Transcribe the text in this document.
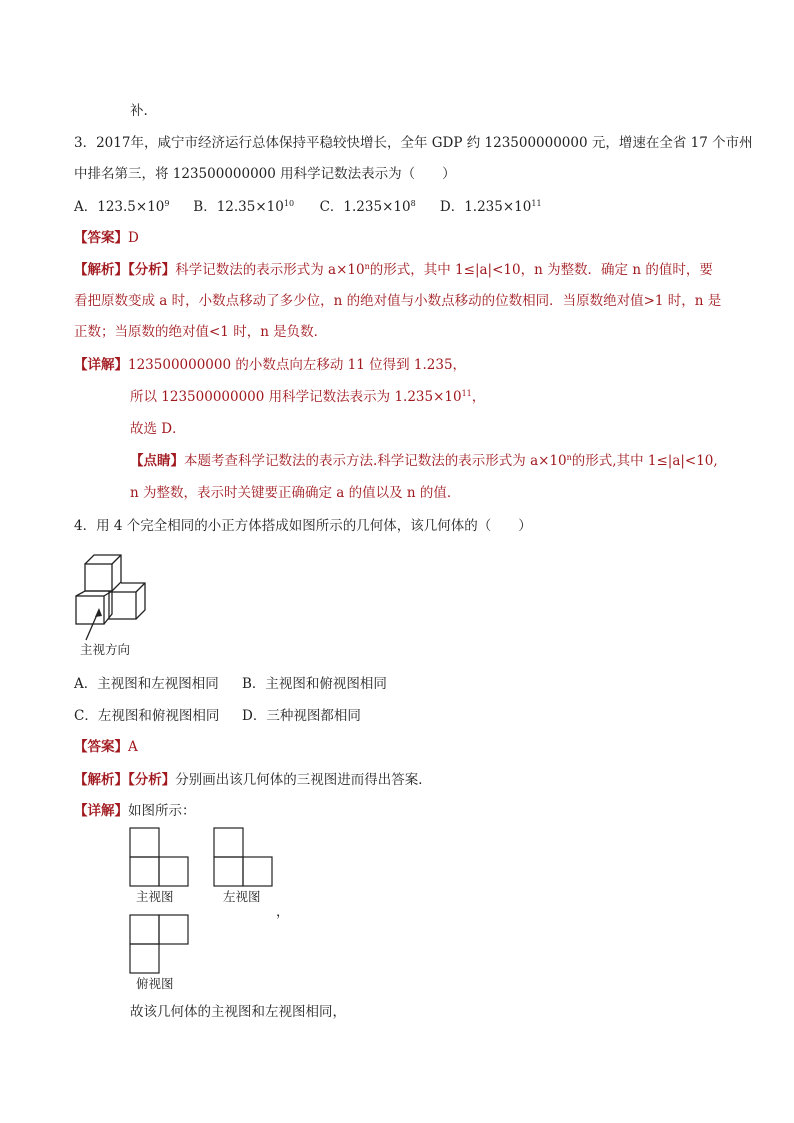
补.
3．2017年，咸宁市经济运行总体保持平稳较快增长，全年 GDP 约 123500000000 元，增速在全省 17 个市州
中排名第三，将 123500000000 用科学记数法表示为（　　）
A．$123.5\times 10^9$ B．$12.35\times 10^{10}$ C．$1.235\times 10^8$ D．$1.235\times 10^{11}$
【答案】D
【解析】【分析】科学记数法的表示形式为 $a\times 10^n$的形式，其中 1≤|a|<10，n 为整数．确定 n 的值时，要
看把原数变成 a 时，小数点移动了多少位，n 的绝对值与小数点移动的位数相同．当原数绝对值>1 时，n 是
正数；当原数的绝对值<1 时，n 是负数．
【详解】123500000000 的小数点向左移动 11 位得到 1.235，
所以 123500000000 用科学记数法表示为 $1.235\times 10^{11}$，
故选 D．
【点睛】本题考查科学记数法的表示方法.科学记数法的表示形式为 $a\times 10^n$的形式,其中 1≤|a|<10,
n 为整数，表示时关键要正确确定 a 的值以及 n 的值．
4．用 4 个完全相同的小正方体搭成如图所示的几何体，该几何体的（　　）
主视方向
A．主视图和左视图相同 B．主视图和俯视图相同
C．左视图和俯视图相同 D．三种视图都相同
【答案】A
【解析】【分析】分别画出该几何体的三视图进而得出答案．
【详解】如图所示：
主视图	左视图
，
俯视图
故该几何体的主视图和左视图相同，
